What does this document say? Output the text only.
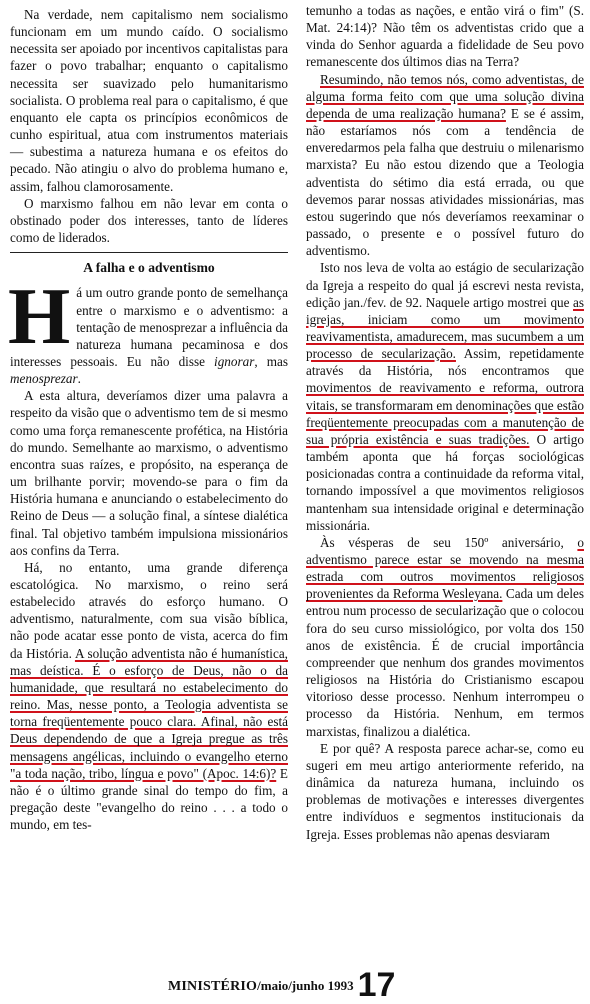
Na verdade, nem capitalismo nem socialismo funcionam em um mundo caído. O socialismo necessita ser apoiado por incentivos capitalistas para fazer o povo trabalhar; enquanto o capitalismo necessita ser suavizado pelo humanitarismo socialista. O problema real para o capitalismo, é que enquanto ele capta os princípios econômicos de cunho espiritual, atua com instrumentos materiais — subestima a natureza humana e os efeitos do pecado. Não atingiu o alvo do problema humano e, assim, falhou clamorosamente.

O marxismo falhou em não levar em conta o obstinado poder dos interesses, tanto de líderes como de liderados.

A falha e o adventismo

Há um outro grande ponto de semelhança entre o marxismo e o adventismo: a tentação de menosprezar a influência da natureza humana pecaminosa e dos interesses pessoais. Eu não disse ignorar, mas menosprezar.

A esta altura, deveríamos dizer uma palavra a respeito da visão que o adventismo tem de si mesmo como uma força remanescente profética, na História do mundo. Semelhante ao marxismo, o adventismo encontra suas raízes, e propósito, na esperança de um brilhante porvir; movendo-se para o fim da História humana e anunciando o estabelecimento do Reino de Deus — a solução final, a síntese dialética final. Tal objetivo também impulsiona missionários aos confins da Terra.

Há, no entanto, uma grande diferença escatológica. No marxismo, o reino será estabelecido através do esforço humano. O adventismo, naturalmente, com sua visão bíblica, não pode acatar esse ponto de vista, acerca do fim da História. A solução adventista não é humanística, mas deística. É o esforço de Deus, não o da humanidade, que resultará no estabelecimento do reino. Mas, nesse ponto, a Teologia adventista se torna freqüentemente pouco clara. Afinal, não está Deus dependendo de que a Igreja pregue as três mensagens angélicas, incluindo o evangelho eterno "a toda nação, tribo, língua e povo" (Apoc. 14:6)? E não é o último grande sinal do tempo do fim, a pregação deste "evangelho do reino . . . a todo o mundo, em tes-

temunho a todas as nações, e então virá o fim" (S. Mat. 24:14)? Não têm os adventistas crido que a vinda do Senhor aguarda a fidelidade de Seu povo remanescente dos últimos dias na Terra?

Resumindo, não temos nós, como adventistas, de alguma forma feito com que uma solução divina dependa de uma realização humana? E se é assim, não estaríamos nós com a tendência de enveredarmos pela falha que destruiu o milenarismo marxista? Eu não estou dizendo que a Teologia adventista do sétimo dia está errada, ou que devemos parar nossas atividades missionárias, mas estou sugerindo que nós deveríamos reexaminar o passado, o presente e o possível futuro do adventismo.

Isto nos leva de volta ao estágio de secularização da Igreja a respeito do qual já escrevi nesta revista, edição jan./fev. de 92. Naquele artigo mostrei que as igrejas, iniciam como um movimento reavivamentista, amadurecem, mas sucumbem a um processo de secularização. Assim, repetidamente através da História, nós encontramos que movimentos de reavivamento e reforma, outrora vitais, se transformaram em denominações que estão freqüentemente preocupadas com a manutenção de sua própria existência e suas tradições. O artigo também aponta que há forças sociológicas posicionadas contra a continuidade da reforma vital, tornando impossível a que movimentos religiosos mantenham sua intensidade original e determinação missionária.

Às vésperas de seu 150º aniversário, o adventismo parece estar se movendo na mesma estrada com outros movimentos religiosos provenientes da Reforma Wesleyana. Cada um deles entrou num processo de secularização que o colocou fora do seu curso missiológico, por volta dos 150 anos de existência. É de crucial importância compreender que nenhum dos grandes movimentos religiosos na História do Cristianismo escapou vitorioso desse processo. Nenhum interrompeu o processo da História. Nenhum, em termos marxistas, finalizou a dialética.

E por quê? A resposta parece achar-se, como eu sugeri em meu artigo anteriormente referido, na dinâmica da natureza humana, incluindo os problemas de motivações e interesses divergentes entre indivíduos e segmentos institucionais da Igreja. Esses problemas não apenas desviaram

MINISTÉRIO/maio/junho 1993 17
